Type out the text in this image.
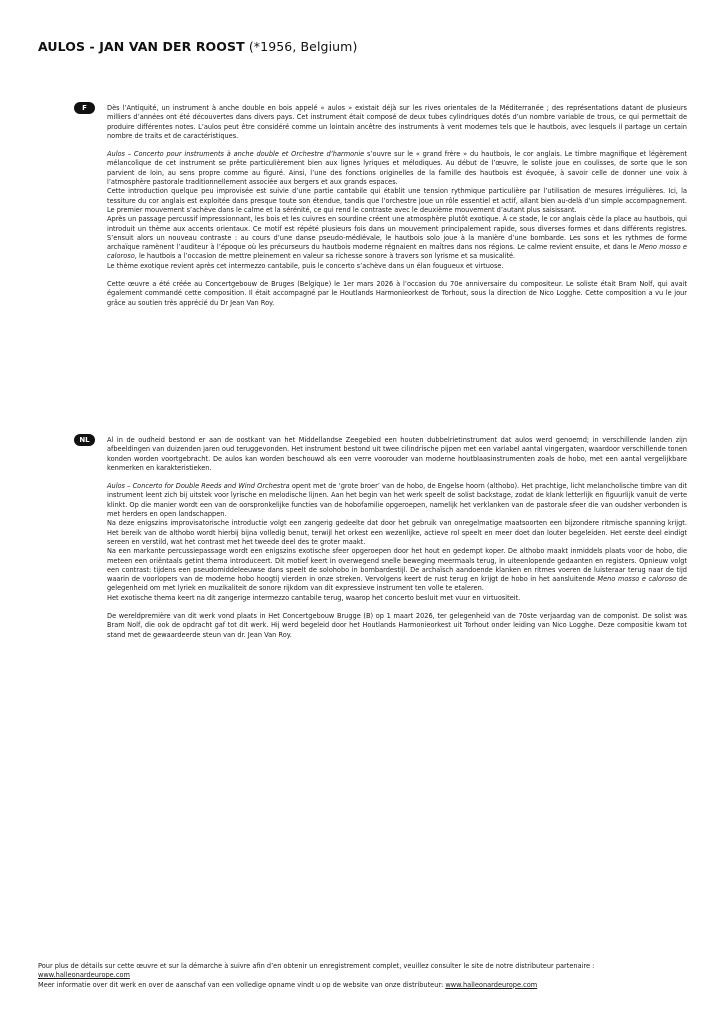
AULOS - JAN VAN DER ROOST (*1956, Belgium)
F	Dès l’Antiquité, un instrument à anche double en bois appelé « aulos » existait déjà sur les rives orientales de la Méditerranée ; des représentations datant de plusieurs milliers d’années ont été découvertes dans divers pays. Cet instrument était composé de deux tubes cylindriques dotés d’un nombre variable de trous, ce qui permettait de produire différentes notes. L’aulos peut être considéré comme un lointain ancêtre des instruments à vent modernes tels que le hautbois, avec lesquels il partage un certain nombre de traits et de caractéristiques.

Aulos – Concerto pour instruments à anche double et Orchestre d’harmonie s’ouvre sur le « grand frère » du hautbois, le cor anglais. Le timbre magnifique et légèrement mélancolique de cet instrument se prête particulièrement bien aux lignes lyriques et mélodiques. Au début de l’œuvre, le soliste joue en coulisses, de sorte que le son parvient de loin, au sens propre comme au figuré. Ainsi, l’une des fonctions originelles de la famille des hautbois est évoquée, à savoir celle de donner une voix à l’atmosphère pastorale traditionnellement associée aux bergers et aux grands espaces.

Cette introduction quelque peu improvisée est suivie d’une partie cantabile qui établit une tension rythmique particulière par l’utilisation de mesures irrégulières. Ici, la tessiture du cor anglais est exploitée dans presque toute son étendue, tandis que l’orchestre joue un rôle essentiel et actif, allant bien au-delà d’un simple accompagnement. Le premier mouvement s’achève dans le calme et la sérénité, ce qui rend le contraste avec le deuxième mouvement d’autant plus saisissant.

Après un passage percussif impressionnant, les bois et les cuivres en sourdine créent une atmosphère plutôt exotique. À ce stade, le cor anglais cède la place au hautbois, qui introduit un thème aux accents orientaux. Ce motif est répété plusieurs fois dans un mouvement principalement rapide, sous diverses formes et dans différents registres. S’ensuit alors un nouveau contraste : au cours d’une danse pseudo-médiévale, le hautbois solo joue à la manière d’une bombarde. Les sons et les rythmes de forme archaïque ramènent l’auditeur à l’époque où les précurseurs du hautbois moderne régnaient en maîtres dans nos régions. Le calme revient ensuite, et dans le Meno mosso e caloroso, le hautbois a l’occasion de mettre pleinement en valeur sa richesse sonore à travers son lyrisme et sa musicalité.

Le thème exotique revient après cet intermezzo cantabile, puis le concerto s’achève dans un élan fougueux et virtuose.

Cette œuvre a été créée au Concertgebouw de Bruges (Belgique) le 1er mars 2026 à l’occasion du 70e anniversaire du compositeur. Le soliste était Bram Nolf, qui avait également commandé cette composition. Il était accompagné par le Houtlands Harmonieorkest de Torhout, sous la direction de Nico Logghe. Cette composition a vu le jour grâce au soutien très apprécié du Dr Jean Van Roy.

NL	Al in de oudheid bestond er aan de oostkant van het Middellandse Zeegebied een houten dubbelrietinstrument dat aulos werd genoemd; in verschillende landen zijn afbeeldingen van duizenden jaren oud teruggevonden. Het instrument bestond uit twee cilindrische pijpen met een variabel aantal vingergaten, waardoor verschillende tonen konden worden voortgebracht. De aulos kan worden beschouwd als een verre voorouder van moderne houtblaasinstrumenten zoals de hobo, met een aantal vergelijkbare kenmerken en karakteristieken.

Aulos – Concerto for Double Reeds and Wind Orchestra opent met de ‘grote broer’ van de hobo, de Engelse hoorn (althobo). Het prachtige, licht melancholische timbre van dit instrument leent zich bij uitstek voor lyrische en melodische lijnen. Aan het begin van het werk speelt de solist backstage, zodat de klank letterlijk en figuurlijk vanuit de verte klinkt. Op die manier wordt een van de oorspronkelijke functies van de hobofamilie opgeroepen, namelijk het verklanken van de pastorale sfeer die van oudsher verbonden is met herders en open landschappen.

Na deze enigszins improvisatorische introductie volgt een zangerig gedeelte dat door het gebruik van onregelmatige maatsoorten een bijzondere ritmische spanning krijgt. Het bereik van de althobo wordt hierbij bijna volledig benut, terwijl het orkest een wezenlijke, actieve rol speelt en meer doet dan louter begeleiden. Het eerste deel eindigt sereen en verstild, wat het contrast met het tweede deel des te groter maakt.

Na een markante percussiepassage wordt een enigszins exotische sfeer opgeroepen door het hout en gedempt koper. De althobo maakt inmiddels plaats voor de hobo, die meteen een oriëntaals getint thema introduceert. Dit motief keert in overwegend snelle beweging meermaals terug, in uiteenlopende gedaanten en registers. Opnieuw volgt een contrast: tijdens een pseudomiddeleeuwse dans speelt de solohobo in bombardestijl. De archaïsch aandoende klanken en ritmes voeren de luisteraar terug naar de tijd waarin de voorlopers van de moderne hobo hoogtij vierden in onze streken. Vervolgens keert de rust terug en krijgt de hobo in het aansluitende Meno mosso e caloroso de gelegenheid om met lyriek en muzikaliteit de sonore rijkdom van dit expressieve instrument ten volle te etaleren.

Het exotische thema keert na dit zangerige intermezzo cantabile terug, waarop het concerto besluit met vuur en virtuositeit.

De wereldpremière van dit werk vond plaats in Het Concertgebouw Brugge (B) op 1 maart 2026, ter gelegenheid van de 70ste verjaardag van de componist. De solist was Bram Nolf, die ook de opdracht gaf tot dit werk. Hij werd begeleid door het Houtlands Harmonieorkest uit Torhout onder leiding van Nico Logghe. Deze compositie kwam tot stand met de gewaardeerde steun van dr. Jean Van Roy.

Pour plus de détails sur cette œuvre et sur la démarche à suivre afin d’en obtenir un enregistrement complet, veuillez consulter le site de notre distributeur partenaire :
www.halleonardeurope.com
Meer informatie over dit werk en over de aanschaf van een volledige opname vindt u op de website van onze distributeur: www.halleonardeurope.com
